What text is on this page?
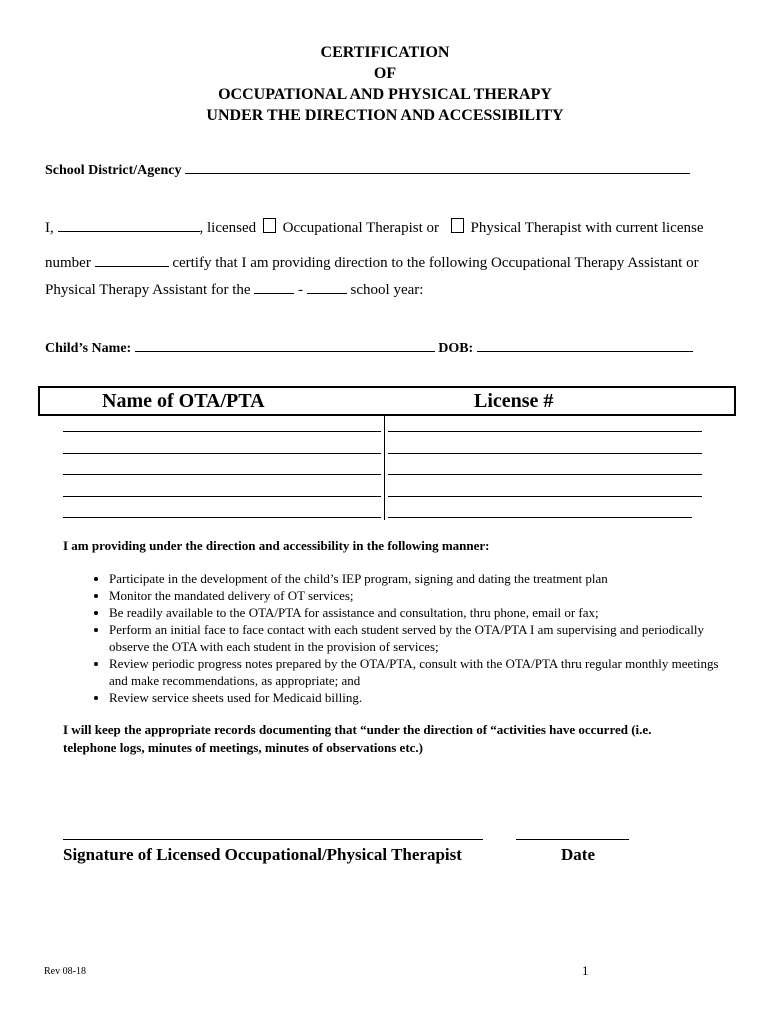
CERTIFICATION
OF
OCCUPATIONAL AND PHYSICAL THERAPY
UNDER THE DIRECTION AND ACCESSIBILITY
School District/Agency
I,	, licensed Occupational Therapist or Physical Therapist with current license
number	certify that I am providing direction to the following Occupational Therapy Assistant or
Physical Therapy Assistant for the	-	school year:
Child’s Name:	DOB:
Name of OTA/PTA	License #
I am providing under the direction and accessibility in the following manner:
• Participate in the development of the child’s IEP program, signing and dating the treatment plan
• Monitor the mandated delivery of OT services;
• Be readily available to the OTA/PTA for assistance and consultation, thru phone, email or fax;
• Perform an initial face to face contact with each student served by the OTA/PTA I am supervising and periodically observe the OTA with each student in the provision of services;
• Review periodic progress notes prepared by the OTA/PTA, consult with the OTA/PTA thru regular monthly meetings and make recommendations, as appropriate; and
• Review service sheets used for Medicaid billing.
I will keep the appropriate records documenting that “under the direction of “activities have occurred (i.e.
telephone logs, minutes of meetings, minutes of observations etc.)
Signature of Licensed Occupational/Physical Therapist	Date
Rev 08-18	1
